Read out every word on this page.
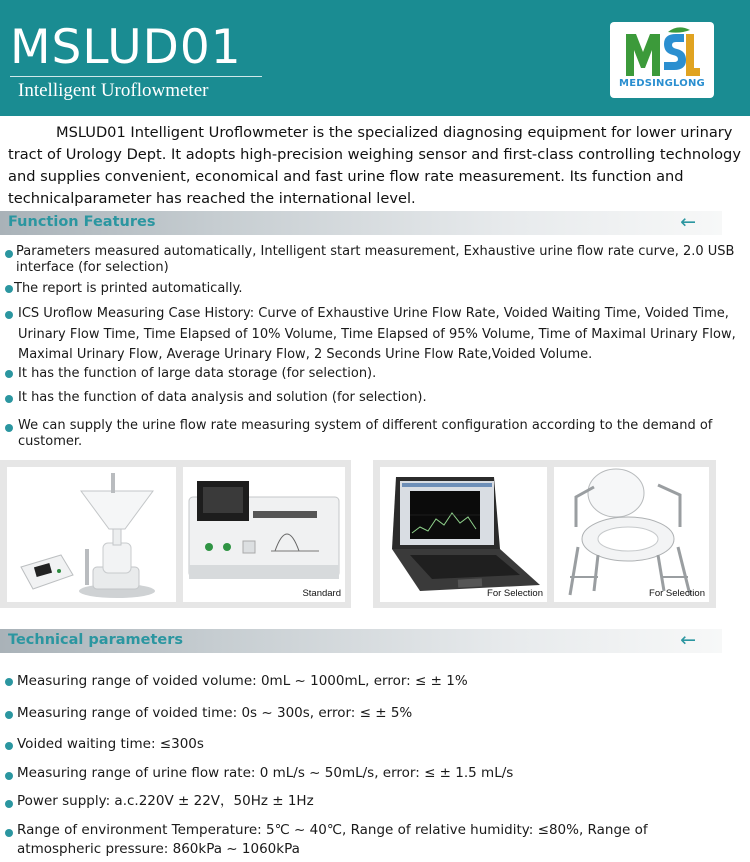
MSLUD01
Intelligent Uroflowmeter	MEDSINGLONG

MSLUD01 Intelligent Uroflowmeter is the specialized diagnosing equipment for lower urinary tract of Urology Dept. It adopts high-precision weighing sensor and first-class controlling technology and supplies convenient, economical and fast urine flow rate measurement. Its function and technicalparameter has reached the international level.

Function Features	←
Parameters measured automatically, Intelligent start measurement, Exhaustive urine flow rate curve, 2.0 USB interface (for selection)
The report is printed automatically.
ICS Uroflow Measuring Case History: Curve of Exhaustive Urine Flow Rate, Voided Waiting Time, Voided Time, Urinary Flow Time, Time Elapsed of 10% Volume, Time Elapsed of 95% Volume, Time of Maximal Urinary Flow, Maximal Urinary Flow, Average Urinary Flow, 2 Seconds Urine Flow Rate,Voided Volume.
It has the function of large data storage (for selection).
It has the function of data analysis and solution (for selection).
We can supply the urine flow rate measuring system of different configuration according to the demand of customer.
Standard	For Selection	For Selection
Technical parameters	←
Measuring range of voided volume: 0mL ~ 1000mL, error: ≤ ± 1%
Measuring range of voided time: 0s ~ 300s, error: ≤ ± 5%
Voided waiting time: ≤300s
Measuring range of urine flow rate: 0 mL/s ~ 50mL/s, error: ≤ ± 1.5 mL/s
Power supply: a.c.220V ± 22V，50Hz ± 1Hz
Range of environment Temperature: 5℃ ~ 40℃, Range of relative humidity: ≤80%, Range of atmospheric pressure: 860kPa ~ 1060kPa
